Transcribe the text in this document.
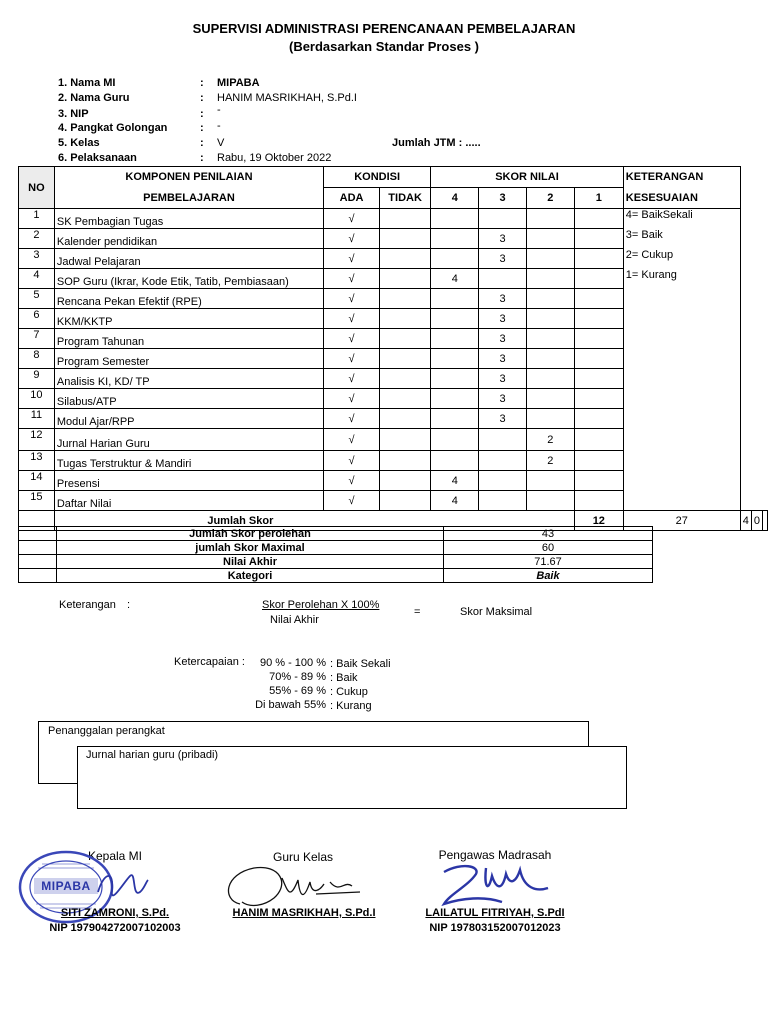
SUPERVISI ADMINISTRASI PERENCANAAN PEMBELAJARAN
(Berdasarkan Standar Proses )
1. Nama MI	: MIPABA
2. Nama Guru	: HANIM MASRIKHAH, S.Pd.I
3. NIP	: -
4. Pangkat Golongan	: -
5. Kelas	: V	Jumlah JTM : .....
6. Pelaksanaan	: Rabu, 19 Oktober 2022
NO	KOMPONEN PENILAIAN	KONDISI		SKOR NILAI				KETERANGAN			
	PEMBELAJARAN	ADA	TIDAK	4	3	2	1	KESESUAIAN			
1	SK Pembagian Tugas	√						4= BaikSekali			
2	Kalender pendidikan	√			3			3= Baik			
3	Jadwal Pelajaran	√			3			2= Cukup			
4	SOP Guru (Ikrar, Kode Etik, Tatib, Pembiasaan)	√		4				1= Kurang			
5	Rencana Pekan Efektif (RPE)	√			3						
6	KKM/KKTP	√			3						
7	Program Tahunan	√			3						
8	Program Semester	√			3						
9	Analisis KI, KD/ TP	√			3						
10	Silabus/ATP	√			3						
11	Modul Ajar/RPP	√			3						
12	Jurnal Harian Guru	√				2					
13	Tugas Terstruktur & Mandiri	√				2					
14	Presensi	√		4							
15	Daftar Nilai	√		4							
	Jumlah Skor						12	27	4	0	
	Jumlah Skor perolehan	43
	jumlah Skor Maximal	60
	Nilai Akhir	71.67
	Kategori	Baik
Keterangan :	Skor Perolehan X 100%
Nilai Akhir
=	Skor Maksimal
Ketercapaian :	90 % - 100 % : Baik Sekali
70% - 89 % : Baik
55% - 69 % : Cukup
Di bawah 55% : Kurang
Penanggalan perangkat
Jurnal harian guru (pribadi)
Kepala MI	Guru Kelas	Pengawas Madrasah
MIPABA
SITI ZAMRONI, S.Pd.	HANIM MASRIKHAH, S.Pd.I	LAILATUL FITRIYAH, S.PdI
NIP 197904272007102003	NIP 197803152007012023
